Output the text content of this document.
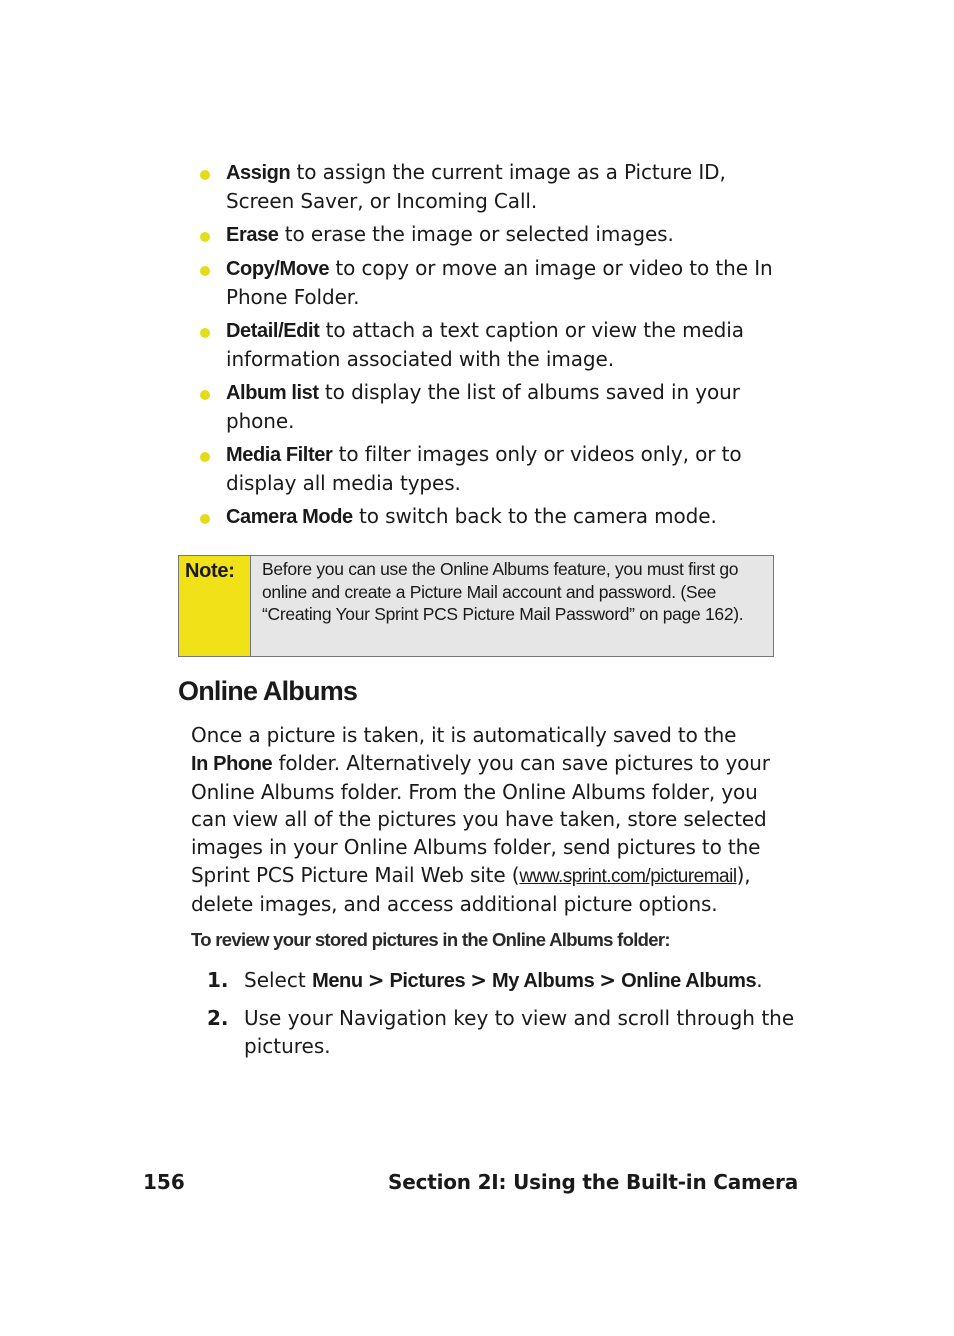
Assign to assign the current image as a Picture ID, Screen Saver, or Incoming Call.
Erase to erase the image or selected images.
Copy/Move to copy or move an image or video to the In Phone Folder.
Detail/Edit to attach a text caption or view the media information associated with the image.
Album list to display the list of albums saved in your phone.
Media Filter to filter images only or videos only, or to display all media types.
Camera Mode to switch back to the camera mode.
Note:	Before you can use the Online Albums feature, you must first go online and create a Picture Mail account and password. (See “Creating Your Sprint PCS Picture Mail Password” on page 162).
Online Albums

Once a picture is taken, it is automatically saved to the
In Phone folder. Alternatively you can save pictures to your Online Albums folder. From the Online Albums folder, you can view all of the pictures you have taken, store selected images in your Online Albums folder, send pictures to the Sprint PCS Picture Mail Web site (www.sprint.com/picturemail), delete images, and access additional picture options.

To review your stored pictures in the Online Albums folder:

1. Select Menu > Pictures > My Albums > Online Albums.
2. Use your Navigation key to view and scroll through the pictures.
156	Section 2I: Using the Built-in Camera
